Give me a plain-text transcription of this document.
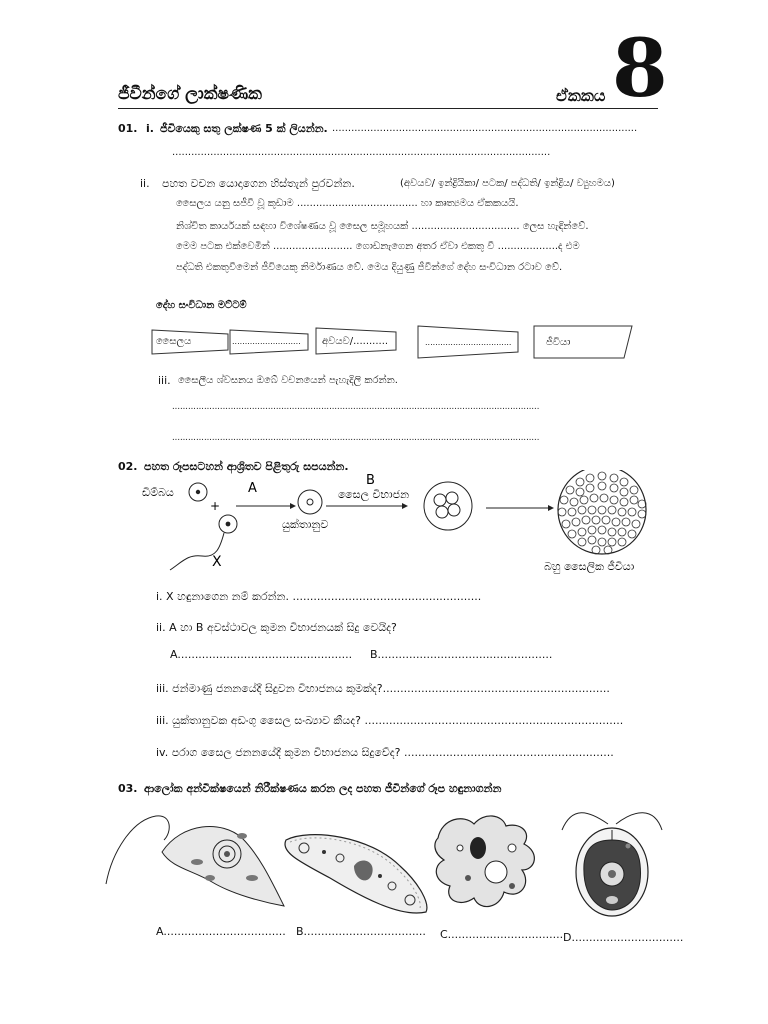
ජීවීන්ගේ ලාක්ෂණික	ඒකකය 8
01. i. ජීවියෙකු සතු ලක්ෂණ 5 ක් ලියන්න. ................................................................................................
.......................................................................................................................
ii. පහත වචන යොදාගෙන හිස්තැන් පුරවන්න.	(අවයව/ ඉන්ද්‍රියිකා/ පටක/ පද්ධති/ ඉන්ද්‍රිය/ ව්‍යුහමය)
සෛලය යනු සජීවී වූ කුඩාම ...................................... හා කෘත්‍යමය ඒකකයයි.
නිශ්චිත කාර්යයක් සඳහා විශේෂණය වූ සෛල සමූහයක් .................................. ලෙස හැඳින්වේ.
මෙම පටක එක්වෙමින් ......................... ගොඩනැගෙන අතර ඒවා එකතු වී ...................ද එම
පද්ධති එකතුවීමෙන් ජීවියෙකු නිර්මාණය වේ. මෙය දියුණු ජීවීන්ගේ දේහ සංවිධාන රටාව වේ.
දේහ සංවිධාන මට්ටම්
සෛලය	........................... අවයව/...........	..................................	ජීවියා
iii. සෛලීය ශ්වසනය ඔබේ වචනයෙන් පැහැදිලි කරන්න.
..........................................................................................................................................
..........................................................................................................................................
02. පහත රූපසටහන් ආශ්‍රිතව පිළිතුරු සපයන්න.
ඩිම්බය
+
X
A
යුක්තානුව
B
සෛල විභාජන
බහු සෛලික ජීවියා
i. X හඳුනාගෙන නම් කරන්න. ......................................................
ii. A හා B අවස්ථාවල කුමන විභාජනයක් සිදු වෙයිද?
A.................................................. B..................................................
iii. ජන්මාණු ජනනයේදී සිදුවන විභාජනය කුමක්ද?.................................................................
iii. යුක්තානුවක අඩංගු සෛල සංඛ්‍යාව කීයද? ..........................................................................
iv. පරාග සෛල ජනනයේදී කුමන විභාජනය සිදුවේද? ............................................................
03. ආලෝක අන්වීක්ෂයෙන් නිරීක්ෂණය කරන ලද පහත ජීවීන්ගේ රූප හඳුනාගන්න
A................................... B................................... C................................. D................................
